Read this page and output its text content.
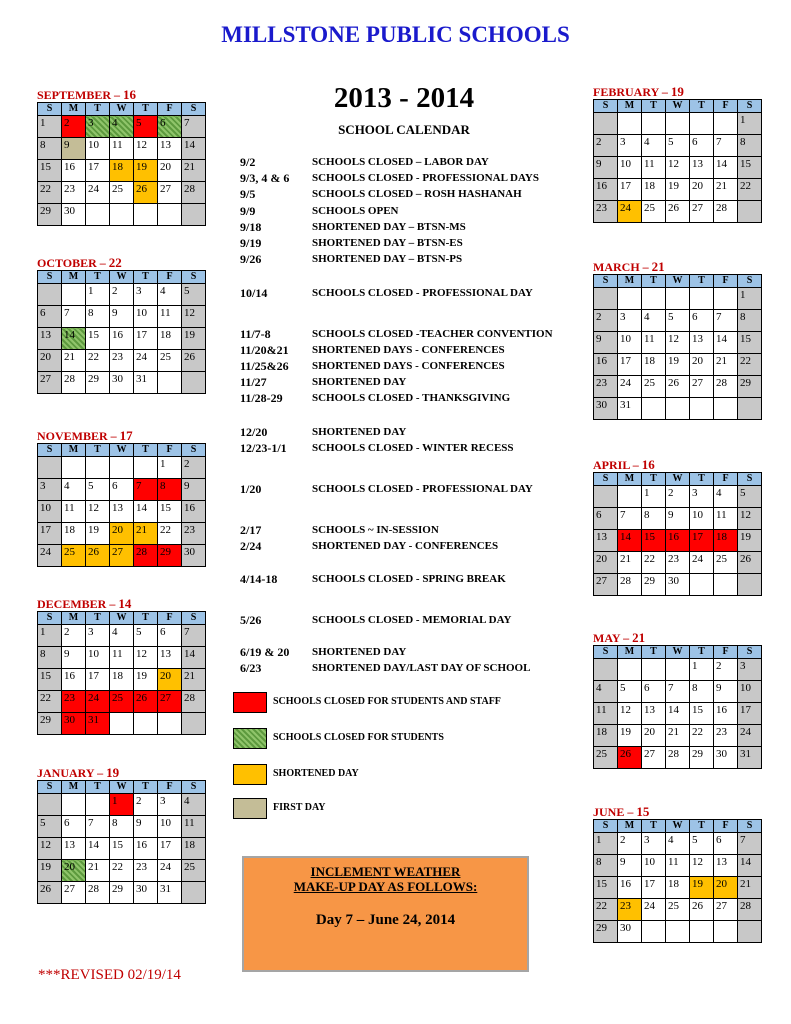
MILLSTONE PUBLIC SCHOOLS
2013 - 2014
SCHOOL CALENDAR
SEPTEMBER – 16
S	M	T	W	T	F	S
1	2	3	4	5	6	7
8	9	10	11	12	13	14
15	16	17	18	19	20	21
22	23	24	25	26	27	28
29	30					
OCTOBER – 22
S	M	T	W	T	F	S
		1	2	3	4	5
6	7	8	9	10	11	12
13	14	15	16	17	18	19
20	21	22	23	24	25	26
27	28	29	30	31		
NOVEMBER – 17
S	M	T	W	T	F	S
					1	2
3	4	5	6	7	8	9
10	11	12	13	14	15	16
17	18	19	20	21	22	23
24	25	26	27	28	29	30
DECEMBER – 14
S	M	T	W	T	F	S
1	2	3	4	5	6	7
8	9	10	11	12	13	14
15	16	17	18	19	20	21
22	23	24	25	26	27	28
29	30	31				
JANUARY – 19
S	M	T	W	T	F	S
			1	2	3	4
5	6	7	8	9	10	11
12	13	14	15	16	17	18
19	20	21	22	23	24	25
26	27	28	29	30	31	
FEBRUARY – 19
S	M	T	W	T	F	S
						1
2	3	4	5	6	7	8
9	10	11	12	13	14	15
16	17	18	19	20	21	22
23	24	25	26	27	28	
MARCH – 21
S	M	T	W	T	F	S
						1
2	3	4	5	6	7	8
9	10	11	12	13	14	15
16	17	18	19	20	21	22
23	24	25	26	27	28	29
30	31					
APRIL – 16
S	M	T	W	T	F	S
		1	2	3	4	5
6	7	8	9	10	11	12
13	14	15	16	17	18	19
20	21	22	23	24	25	26
27	28	29	30			
MAY – 21
S	M	T	W	T	F	S
				1	2	3
4	5	6	7	8	9	10
11	12	13	14	15	16	17
18	19	20	21	22	23	24
25	26	27	28	29	30	31
JUNE – 15
S	M	T	W	T	F	S
1	2	3	4	5	6	7
8	9	10	11	12	13	14
15	16	17	18	19	20	21
22	23	24	25	26	27	28
29	30					
9/2	SCHOOLS CLOSED – LABOR DAY
9/3, 4 & 6 SCHOOLS CLOSED - PROFESSIONAL DAYS
9/5	SCHOOLS CLOSED – ROSH HASHANAH
9/9	SCHOOLS OPEN
9/18	SHORTENED DAY – BTSN-MS
9/19	SHORTENED DAY – BTSN-ES
9/26	SHORTENED DAY – BTSN-PS
10/14	SCHOOLS CLOSED - PROFESSIONAL DAY
11/7-8	SCHOOLS CLOSED -TEACHER CONVENTION
11/20&21 SHORTENED DAYS - CONFERENCES
11/25&26 SHORTENED DAYS - CONFERENCES
11/27	SHORTENED DAY
11/28-29	SCHOOLS CLOSED - THANKSGIVING
12/20	SHORTENED DAY
12/23-1/1 SCHOOLS CLOSED - WINTER RECESS
1/20	SCHOOLS CLOSED - PROFESSIONAL DAY
2/17	SCHOOLS ~ IN-SESSION
2/24	SHORTENED DAY - CONFERENCES
4/14-18	SCHOOLS CLOSED - SPRING BREAK
5/26	SCHOOLS CLOSED - MEMORIAL DAY
6/19 & 20 SHORTENED DAY
6/23	SHORTENED DAY/LAST DAY OF SCHOOL
SCHOOLS CLOSED FOR STUDENTS AND STAFF
SCHOOLS CLOSED FOR STUDENTS
SHORTENED DAY
FIRST DAY
INCLEMENT WEATHER
MAKE-UP DAY AS FOLLOWS:
Day 7 – June 24, 2014
***REVISED 02/19/14
